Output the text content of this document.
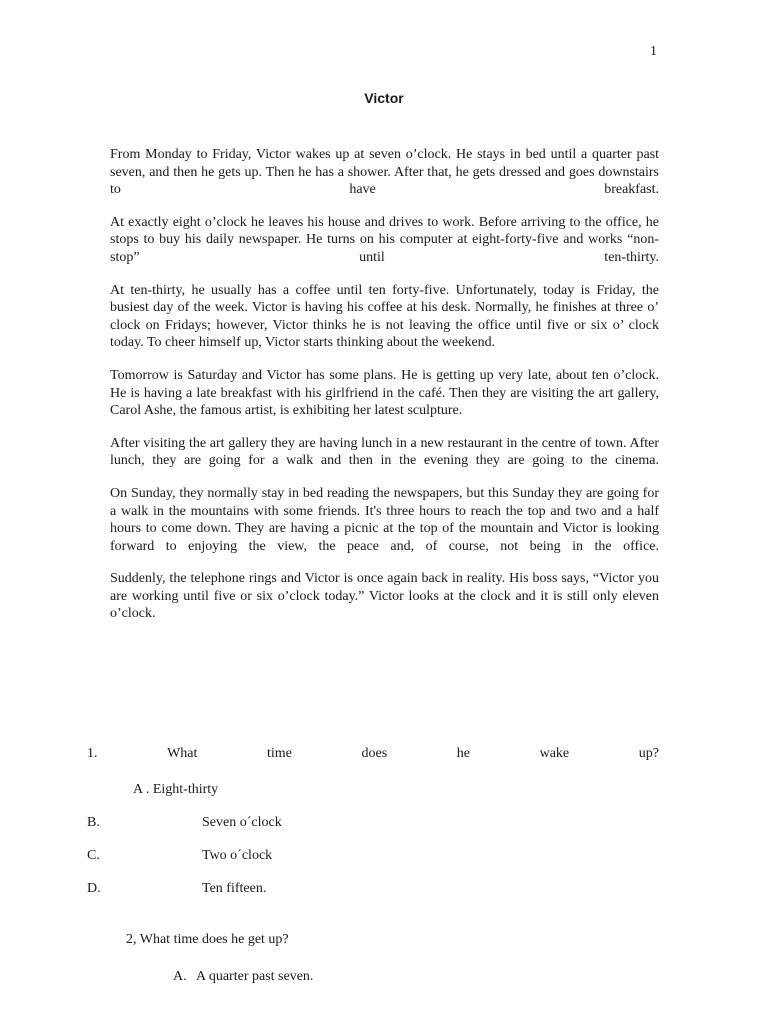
1
Victor

From Monday to Friday, Victor wakes up at seven o’clock. He stays in bed until a quarter past seven, and then he gets up. Then he has a shower. After that, he gets dressed and goes downstairs to have breakfast.

At exactly eight o’clock he leaves his house and drives to work. Before arriving to the office, he stops to buy his daily newspaper. He turns on his computer at eight-forty-five and works “non-stop” until ten-thirty.

At ten-thirty, he usually has a coffee until ten forty-five. Unfortunately, today is Friday, the busiest day of the week. Victor is having his coffee at his desk. Normally, he finishes at three o’ clock on Fridays; however, Victor thinks he is not leaving the office until five or six o’ clock today. To cheer himself up, Victor starts thinking about the weekend.

Tomorrow is Saturday and Victor has some plans. He is getting up very late, about ten o’clock. He is having a late breakfast with his girlfriend in the café. Then they are visiting the art gallery, Carol Ashe, the famous artist, is exhibiting her latest sculpture.

After visiting the art gallery they are having lunch in a new restaurant in the centre of town. After lunch, they are going for a walk and then in the evening they are going to the cinema.

On Sunday, they normally stay in bed reading the newspapers, but this Sunday they are going for a walk in the mountains with some friends. It's three hours to reach the top and two and a half hours to come down. They are having a picnic at the top of the mountain and Victor is looking forward to enjoying the view, the peace and, of course, not being in the office.

Suddenly, the telephone rings and Victor is once again back in reality. His boss says, “Victor you are working until five or six o’clock today.” Victor looks at the clock and it is still only eleven o’clock.

1.	What	time	does	he	wake	up?
A . Eight-thirty
B.	Seven o´clock
C.	Two o´clock
D.	Ten fifteen.
2, What time does he get up?
A. A quarter past seven.
